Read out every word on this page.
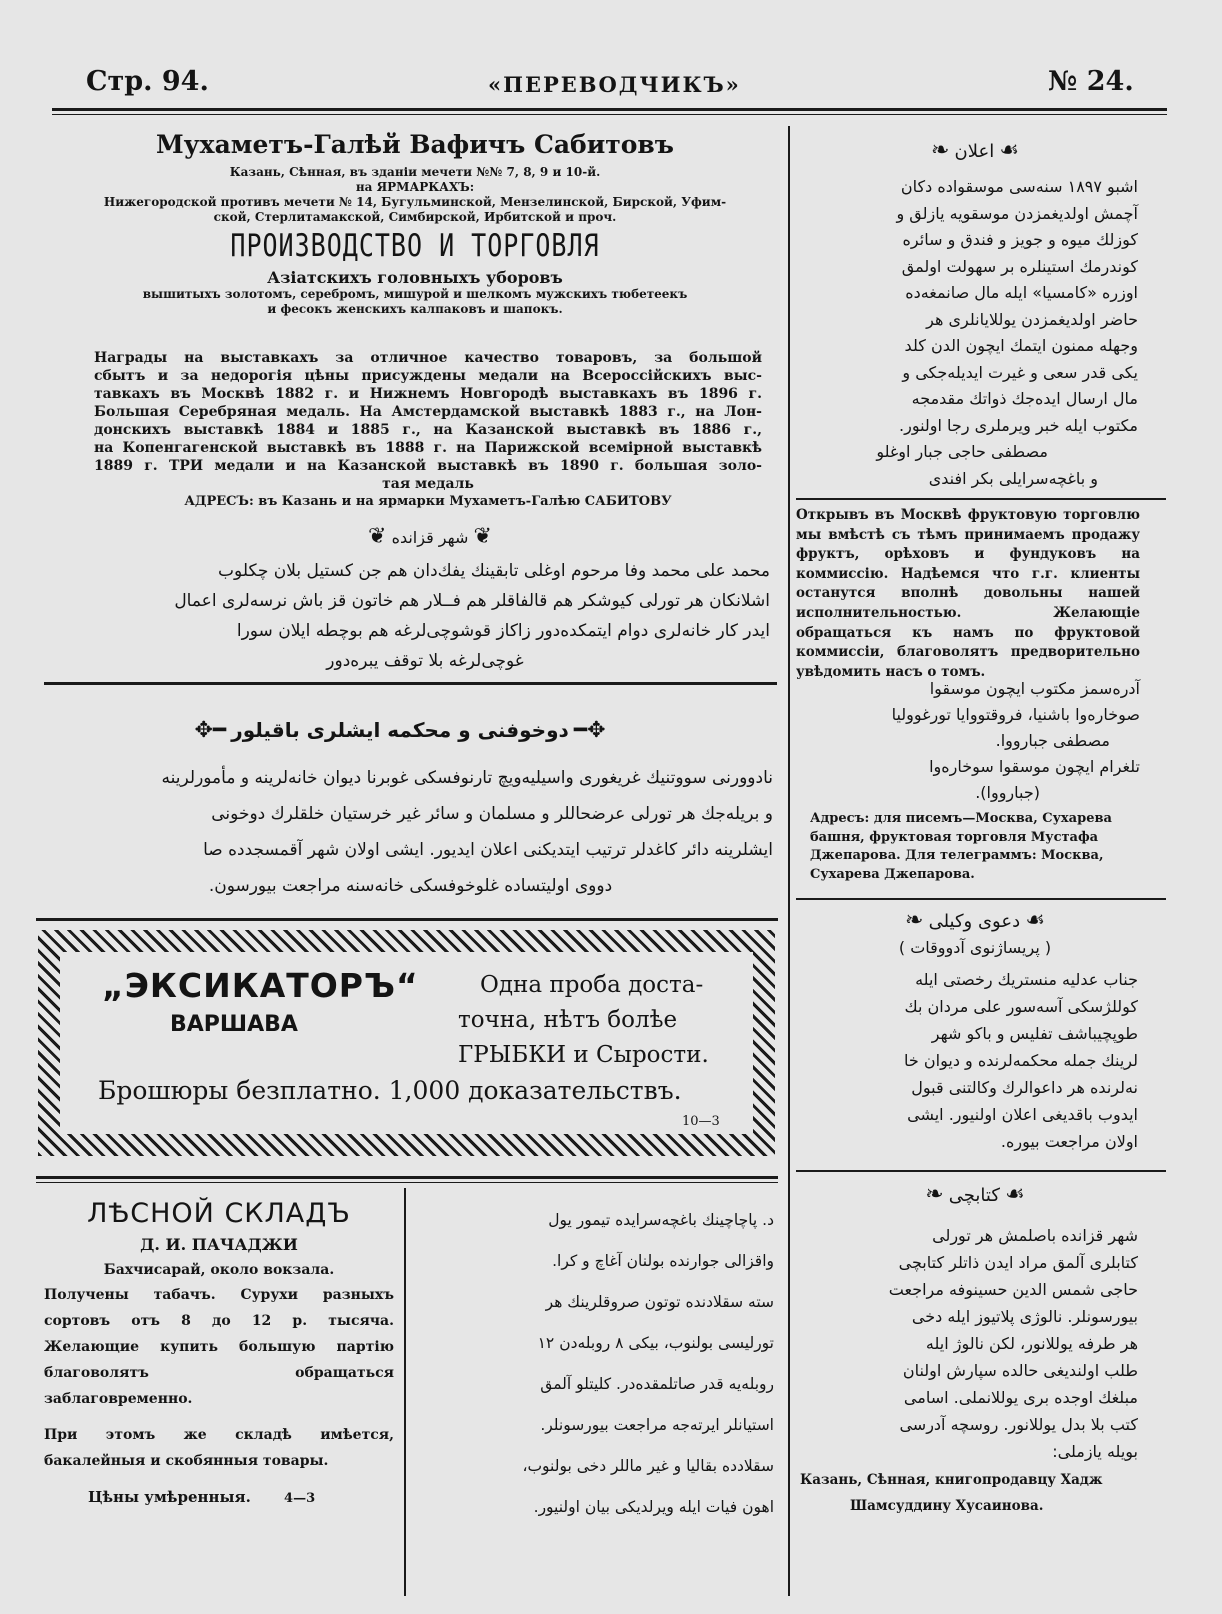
Стр. 94.	«ПЕРЕВОДЧИКЪ»	№ 24.
Мухаметъ-Галѣй Вафичъ Сабитовъ
Казань, Сѣнная, въ зданіи мечети №№ 7, 8, 9 и 10-й.
на ЯРМАРКАХЪ:
Нижегородской противъ мечети № 14, Бугульминской, Мензелинской, Бирской, Уфим-
ской, Стерлитамакской, Симбирской, Ирбитской и проч.
ПРОИЗВОДСТВО И ТОРГОВЛЯ
Азіатскихъ головныхъ уборовъ
вышитыхъ золотомъ, серебромъ, мишурой и шелкомъ мужскихъ тюбетеекъ
и фесокъ женскихъ калпаковъ и шапокъ.
Награды на выставкахъ за отличное качество товаровъ, за большой
сбытъ и за недорогія цѣны присуждены медали на Всероссійскихъ выс-
тавкахъ въ Москвѣ 1882 г. и Нижнемъ Новгородѣ выставкахъ въ 1896 г.
Большая Серебряная медаль. На Амстердамской выставкѣ 1883 г., на Лон-
донскихъ выставкѣ 1884 и 1885 г., на Казанской выставкѣ въ 1886 г.,
на Копенгагенской выставкѣ въ 1888 г. на Парижской всемірной выставкѣ
1889 г. ТРИ медали и на Казанской выставкѣ въ 1890 г. большая золо-
тая медаль
АДРЕСЪ: въ Казань и на ярмарки Мухаметъ-Галѣю САБИТОВУ
❦ شهر قزانده ❦
محمد علی محمد وفا مرحوم اوغلی تابقینك یفك‌دان هم جن كستیل بلان چكلوب
اشلانكان هر تورلی كیوشكر هم قالفاقلر هم فــلار هم خاتون قز باش نرسه‌لری اعمال
ایدر كار خانه‌لری دوام ایتمكده‌دور زاكاز قوشوچی‌لرغه هم بوچطه ایلان سورا
غوچی‌لرغه بلا توقف یبره‌دور
✥━ دوخوفنی و محكمه ایشلری باقیلور ━✥
نادوورنی سووتنیك غریغوری واسیلیه‌ویچ تارنوفسكی غوبرنا دیوان خانه‌لرینه و مأمورلرینه
و بریله‌جك هر تورلی عرضحاللر و مسلمان و سائر غیر خرستیان خلقلرك دوخونی
ایشلرینه دائر كاغدلر ترتیب ایتدیكنی اعلان ایدیور. ایشی اولان شهر آقمسجدده صا
دووی اولیتساده غلوخوفسكی خانه‌سنه مراجعت بیورسون.
„ЭКСИКАТОРЪ“
ВАРШАВА
Одна проба доста-
точна, нѣтъ болѣе
ГРЫБКИ и Сырости.
Брошюры безплатно. 1,000 доказательствъ.
10—3
ЛѢСНОЙ СКЛАДЪ
Д. И. ПАЧАДЖИ
Бахчисарай, около вокзала.
Получены табачъ. Сурухи разныхъ сортовъ отъ 8 до 12 р. тысяча. Желающие купить большую партію благоволятъ обращаться заблаговременно.
При этомъ же складѣ имѣется, бакалейныя и скобянныя товары.
Цѣны умѣренныя.	4—3
د. پاچاچینك باغچه‌سرایده تیمور یول
واقزالی جوارنده بولنان آغاچ و كرا.
سته سقلادنده توتون صروقلرینك هر
تورلیسی بولنوب، بیكی ۸ روبله‌دن ۱۲
روبله‌یه قدر صاتلمقده‌در. كلیتلو آلمق
استیانلر ایرته‌جه مراجعت بیورسونلر.
سقلادده بقالیا و غیر ماللر دخی بولنوب،
اهون فیات ایله ویرلدیكی بیان اولنیور.
❧ اعلان ☙
اشبو ۱۸۹۷ سنه‌سی موسقواده دكان
آچمش اولدیغمزدن موسقویه یازلق و
كوزلك میوه و جویز و فندق و سائره
كوندرمك استینلره بر سهولت اولمق
اوزره «كامسیا» ایله مال صانمغه‌ده
حاضر اولدیغمزدن یوللایانلری هر
وجهله ممنون ایتمك ایچون الدن كلد
یكی قدر سعی و غیرت ایدیله‌جكی و
مال ارسال ایده‌جك ذواتك مقدمجه
مكتوب ایله خبر ویرملری رجا اولنور.
مصطفی حاجی جبار اوغلو
و باغچه‌سرایلی بكر افندی
Открывъ въ Москвѣ фруктовую торговлю мы вмѣстѣ съ тѣмъ принимаемъ продажу фруктъ, орѣховъ и фундуковъ на коммиссію. Надѣемся что г.г. клиенты останутся вполнѣ довольны нашей исполнительностью. Желающіе обращаться къ намъ по фруктовой коммиссіи, благоволятъ предворительно увѣдомить насъ о томъ.
آدره‌سمز مكتوب ایچون موسقوا
صوخاره‌وا باشنیا، فروقتووایا تورغوولیا
مصطفی جباروو‌ا.
تلغرام ایچون موسقوا سوخاره‌وا
(جباروو‌ا).
Адресъ: для писемъ—Москва, Сухарева башня, фруктовая торговля Мустафа Джепарова. Для телеграммъ: Москва, Сухарева Джепарова.
❧ دعوی وكیلی ☙
( پریساژنوی آدووقات )
جناب عدلیه منستریك رخصتی ایله
كوللژسكی آسه‌سور علی مردان بك
طوپچیباشف تفلیس و باكو شهر
لرینك جمله محكمه‌لرنده و دیوان خا
نه‌لرنده هر داعوالرك وكالتنی قبول
ایدوب باقدیغی اعلان اولنیور. ایشی
اولان مراجعت بیوره.
❧ كتابچی ☙
شهر قزانده باصلمش هر تورلی
كتابلری آلمق مراد ایدن ذاتلر كتابچی
حاجی شمس الدین حسینوفه مراجعت
بیورسونلر. نالوژی پلاتیوز ایله دخی
هر طرفه یوللانور، لكن نالوژ ایله
طلب اولندیغی حالده سپارش اولنان
مبلغك اوجده بری یوللانملی. اسامی
كتب بلا بدل یوللانور. روسچه آدرسی
بویله یازملی:
Казань, Сѣнная, книгопродавцу Хадж
Шамсуддину Хусаинова.
